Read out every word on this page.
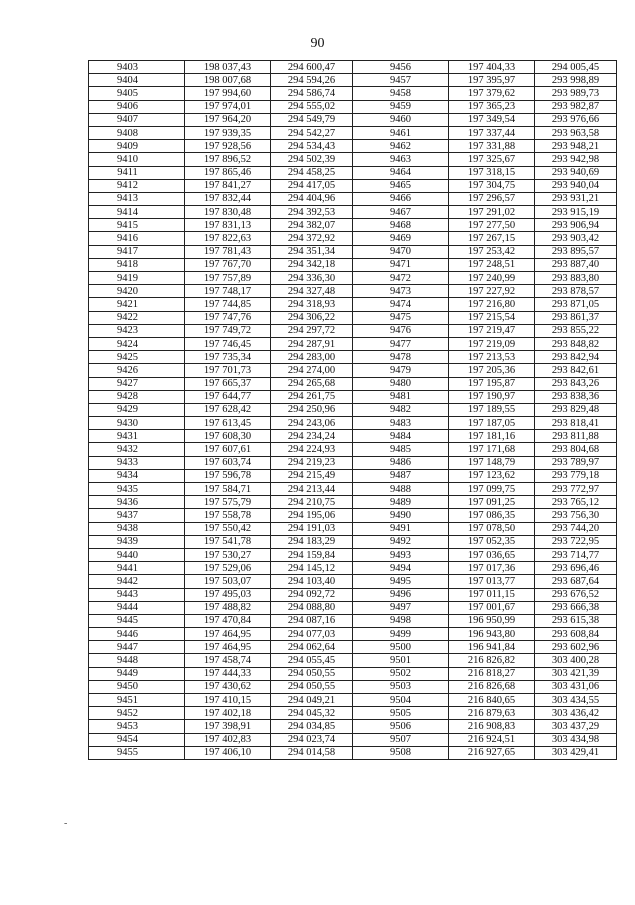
90
9403	198 037,43	294 600,47	9456	197 404,33	294 005,45
9404	198 007,68	294 594,26	9457	197 395,97	293 998,89
9405	197 994,60	294 586,74	9458	197 379,62	293 989,73
9406	197 974,01	294 555,02	9459	197 365,23	293 982,87
9407	197 964,20	294 549,79	9460	197 349,54	293 976,66
9408	197 939,35	294 542,27	9461	197 337,44	293 963,58
9409	197 928,56	294 534,43	9462	197 331,88	293 948,21
9410	197 896,52	294 502,39	9463	197 325,67	293 942,98
9411	197 865,46	294 458,25	9464	197 318,15	293 940,69
9412	197 841,27	294 417,05	9465	197 304,75	293 940,04
9413	197 832,44	294 404,96	9466	197 296,57	293 931,21
9414	197 830,48	294 392,53	9467	197 291,02	293 915,19
9415	197 831,13	294 382,07	9468	197 277,50	293 906,94
9416	197 822,63	294 372,92	9469	197 267,15	293 903,42
9417	197 781,43	294 351,34	9470	197 253,42	293 895,57
9418	197 767,70	294 342,18	9471	197 248,51	293 887,40
9419	197 757,89	294 336,30	9472	197 240,99	293 883,80
9420	197 748,17	294 327,48	9473	197 227,92	293 878,57
9421	197 744,85	294 318,93	9474	197 216,80	293 871,05
9422	197 747,76	294 306,22	9475	197 215,54	293 861,37
9423	197 749,72	294 297,72	9476	197 219,47	293 855,22
9424	197 746,45	294 287,91	9477	197 219,09	293 848,82
9425	197 735,34	294 283,00	9478	197 213,53	293 842,94
9426	197 701,73	294 274,00	9479	197 205,36	293 842,61
9427	197 665,37	294 265,68	9480	197 195,87	293 843,26
9428	197 644,77	294 261,75	9481	197 190,97	293 838,36
9429	197 628,42	294 250,96	9482	197 189,55	293 829,48
9430	197 613,45	294 243,06	9483	197 187,05	293 818,41
9431	197 608,30	294 234,24	9484	197 181,16	293 811,88
9432	197 607,61	294 224,93	9485	197 171,68	293 804,68
9433	197 603,74	294 219,23	9486	197 148,79	293 789,97
9434	197 596,78	294 215,49	9487	197 123,62	293 779,18
9435	197 584,71	294 213,44	9488	197 099,75	293 772,97
9436	197 575,79	294 210,75	9489	197 091,25	293 765,12
9437	197 558,78	294 195,06	9490	197 086,35	293 756,30
9438	197 550,42	294 191,03	9491	197 078,50	293 744,20
9439	197 541,78	294 183,29	9492	197 052,35	293 722,95
9440	197 530,27	294 159,84	9493	197 036,65	293 714,77
9441	197 529,06	294 145,12	9494	197 017,36	293 696,46
9442	197 503,07	294 103,40	9495	197 013,77	293 687,64
9443	197 495,03	294 092,72	9496	197 011,15	293 676,52
9444	197 488,82	294 088,80	9497	197 001,67	293 666,38
9445	197 470,84	294 087,16	9498	196 950,99	293 615,38
9446	197 464,95	294 077,03	9499	196 943,80	293 608,84
9447	197 464,95	294 062,64	9500	196 941,84	293 602,96
9448	197 458,74	294 055,45	9501	216 826,82	303 400,28
9449	197 444,33	294 050,55	9502	216 818,27	303 421,39
9450	197 430,62	294 050,55	9503	216 826,68	303 431,06
9451	197 410,15	294 049,21	9504	216 840,65	303 434,55
9452	197 402,18	294 045,32	9505	216 879,63	303 436,42
9453	197 398,91	294 034,85	9506	216 908,83	303 437,29
9454	197 402,83	294 023,74	9507	216 924,51	303 434,98
9455	197 406,10	294 014,58	9508	216 927,65	303 429,41
-
